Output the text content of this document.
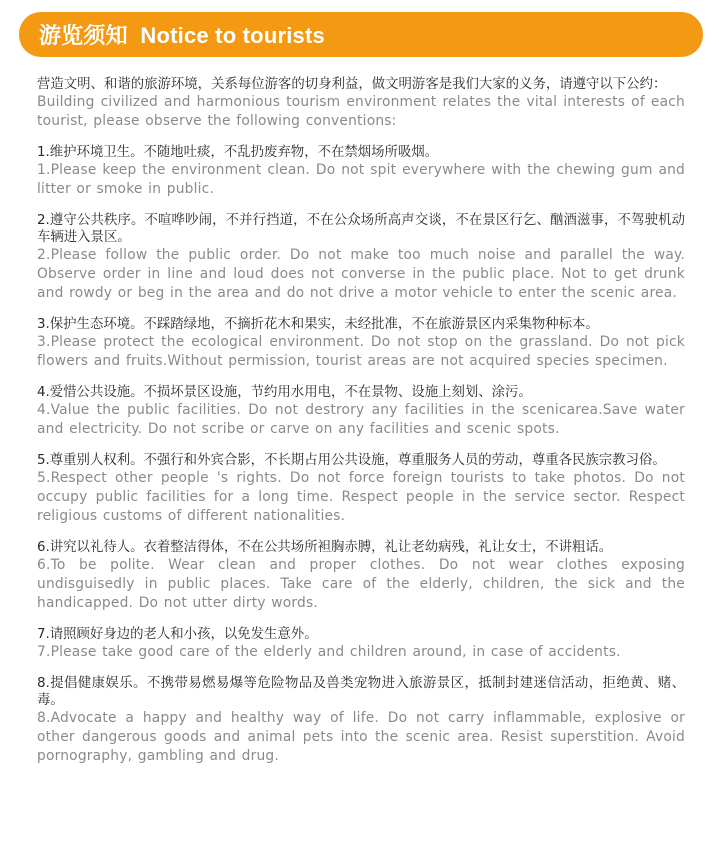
游览须知  Notice to tourists
营造文明、和谐的旅游环境，关系每位游客的切身利益，做文明游客是我们大家的义务，请遵守以下公约：
Building civilized and harmonious tourism environment relates the vital interests of each tourist, please observe the following conventions:
1.维护环境卫生。不随地吐痰，不乱扔废弃物，不在禁烟场所吸烟。
1.Please keep the environment clean. Do not spit everywhere with the chewing gum and litter or smoke in public.
2.遵守公共秩序。不喧哗吵闹，不并行挡道，不在公众场所高声交谈，不在景区行乞、酗酒滋事，不驾驶机动车辆进入景区。
2.Please follow the public order. Do not make too much noise and parallel the way. Observe order in line and loud does not converse in the public place. Not to get drunk and rowdy or beg in the area and do not drive a motor vehicle to enter the scenic area.
3.保护生态环境。不踩踏绿地，不摘折花木和果实，未经批准，不在旅游景区内采集物种标本。
3.Please protect the ecological environment. Do not stop on the grassland. Do not pick flowers and fruits.Without permission, tourist areas are not acquired species specimen.
4.爱惜公共设施。不损坏景区设施，节约用水用电，不在景物、设施上刻划、涂污。
4.Value the public facilities. Do not destrory any facilities in the scenicarea.Save water and electricity. Do not scribe or carve on any facilities and scenic spots.
5.尊重别人权利。不强行和外宾合影，不长期占用公共设施，尊重服务人员的劳动，尊重各民族宗教习俗。
5.Respect other people 's rights. Do not force foreign tourists to take photos. Do not occupy public facilities for a long time. Respect people in the service sector. Respect religious customs of different nationalities.
6.讲究以礼待人。衣着整洁得体，不在公共场所袒胸赤膊，礼让老幼病残，礼让女士，不讲粗话。
6.To be polite. Wear clean and proper clothes. Do not wear clothes exposing undisguisedly in public places. Take care of the elderly, children, the sick and the handicapped. Do not utter dirty words.
7.请照顾好身边的老人和小孩，以免发生意外。
7.Please take good care of the elderly and children around, in case of accidents.
8.提倡健康娱乐。不携带易燃易爆等危险物品及兽类宠物进入旅游景区，抵制封建迷信活动，拒绝黄、赌、毒。
8.Advocate a happy and healthy way of life. Do not carry inflammable, explosive or other dangerous goods and animal pets into the scenic area. Resist superstition. Avoid pornography, gambling and drug.
